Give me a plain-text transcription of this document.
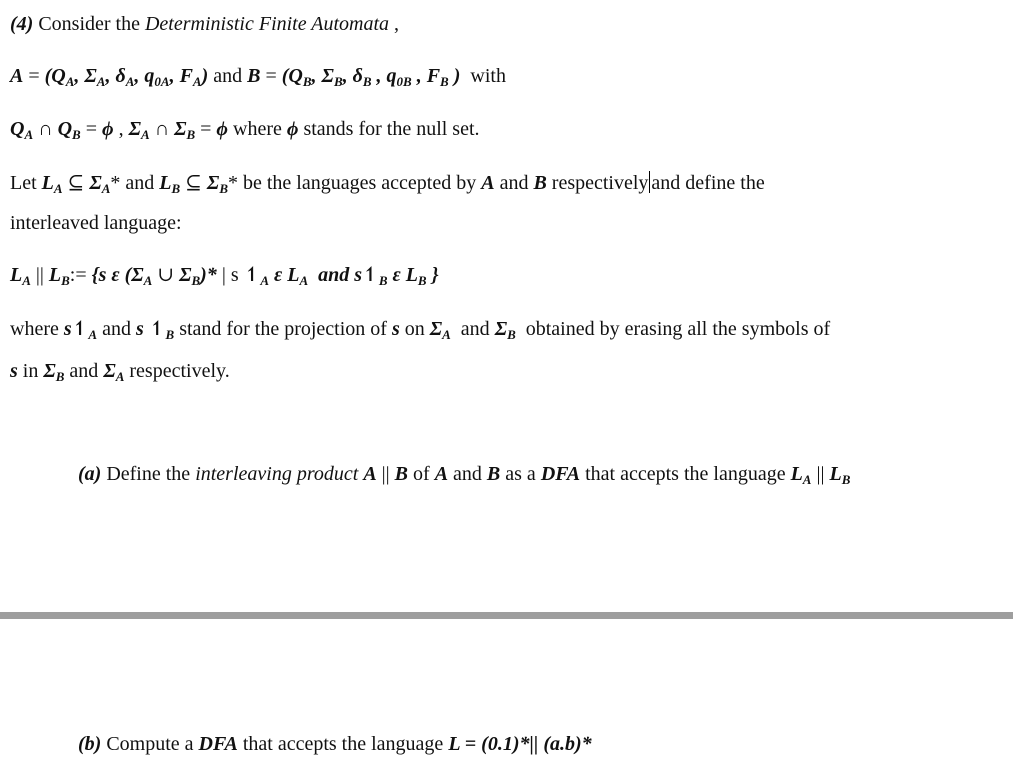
(4) Consider the Deterministic Finite Automata ,
$A = (Q_A$, $\Sigma_A$, $\delta_A$, $q_{0A}$, $F_A$) and $B = (Q_B$, $\Sigma_B$, $\delta_B$ , $q_{0B}$ , $F_B$ ) with
$Q_A$ ∩ $Q_B = \phi$ , $\Sigma_A$ ∩ $\Sigma_B = \phi$ where ϕ stands for the null set.
Let $L_A$ ⊆ $\Sigma_A*$ and $L_B$ ⊆ $\Sigma_B*$ be the languages accepted by A and B respectively and define the
interleaved language:
$L_A$ || $L_B:= \{s$ ε ($\Sigma_A$ ∪ $\Sigma_B)*$ | s $↿_A$ ε $L_A$ and $s↿_B$ ε $L_B$ }
where $s↿_A$ and s $↿_B$ stand for the projection of s on $\Sigma_A$  and $\Sigma_B$ obtained by erasing all the symbols of
s in $\Sigma_B$ and $\Sigma_A$ respectively.
(a) Define the interleaving product A || B of A and B as a DFA that accepts the language $L_A$ || $L_B$
(b) Compute a DFA that accepts the language L = (0.1)*|| (a.b)*
